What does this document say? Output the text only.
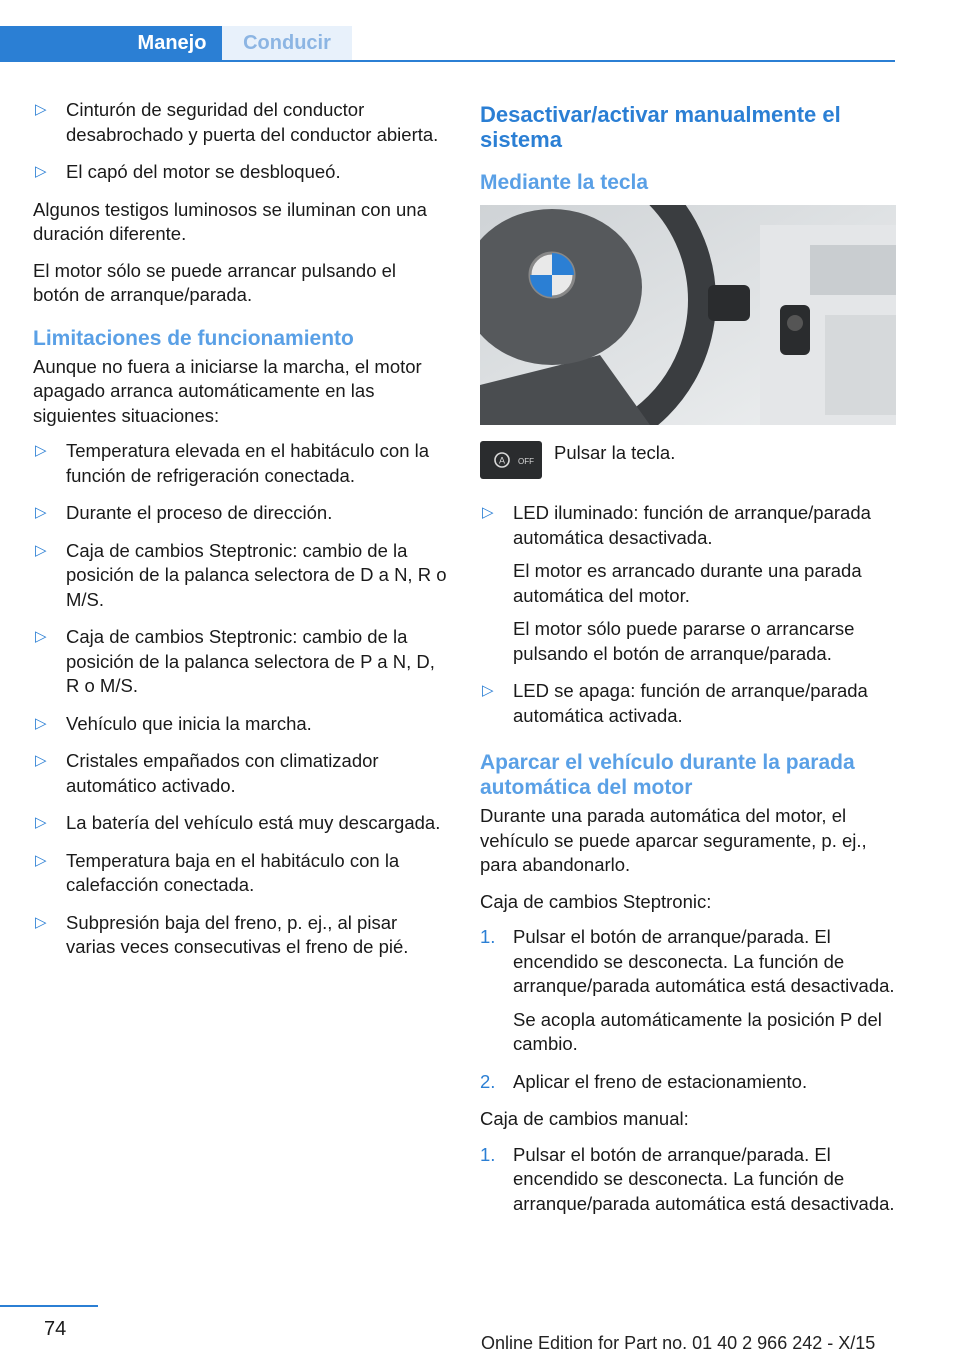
Manejo	Conducir
▷ Cinturón de seguridad del conductor desabrochado y puerta del conductor abierta.
▷ El capó del motor se desbloqueó.

Algunos testigos luminosos se iluminan con una duración diferente.

El motor sólo se puede arrancar pulsando el botón de arranque/parada.

Limitaciones de funcionamiento

Aunque no fuera a iniciarse la marcha, el motor apagado arranca automáticamente en las siguientes situaciones:

▷ Temperatura elevada en el habitáculo con la función de refrigeración conectada.
▷ Durante el proceso de dirección.
▷ Caja de cambios Steptronic: cambio de la posición de la palanca selectora de D a N, R o M/S.
▷ Caja de cambios Steptronic: cambio de la posición de la palanca selectora de P a N, D, R o M/S.
▷ Vehículo que inicia la marcha.
▷ Cristales empañados con climatizador automático activado.
▷ La batería del vehículo está muy descargada.
▷ Temperatura baja en el habitáculo con la calefacción conectada.
▷ Subpresión baja del freno, p. ej., al pisar varias veces consecutivas el freno de pié.
Desactivar/activar manualmente el sistema
Mediante la tecla
A OFF Pulsar la tecla.
▷ LED iluminado: función de arranque/parada automática desactivada.
El motor es arrancado durante una parada automática del motor.
El motor sólo puede pararse o arrancarse pulsando el botón de arranque/parada.
▷ LED se apaga: función de arranque/parada automática activada.
Aparcar el vehículo durante la parada automática del motor

Durante una parada automática del motor, el vehículo se puede aparcar seguramente, p. ej., para abandonarlo.

Caja de cambios Steptronic:

1. Pulsar el botón de arranque/parada. El encendido se desconecta. La función de arranque/parada automática está desactivada.
Se acopla automáticamente la posición P del cambio.
2. Aplicar el freno de estacionamiento.

Caja de cambios manual:

1. Pulsar el botón de arranque/parada. El encendido se desconecta. La función de arranque/parada automática está desactivada.
74
Online Edition for Part no. 01 40 2 966 242 - X/15
